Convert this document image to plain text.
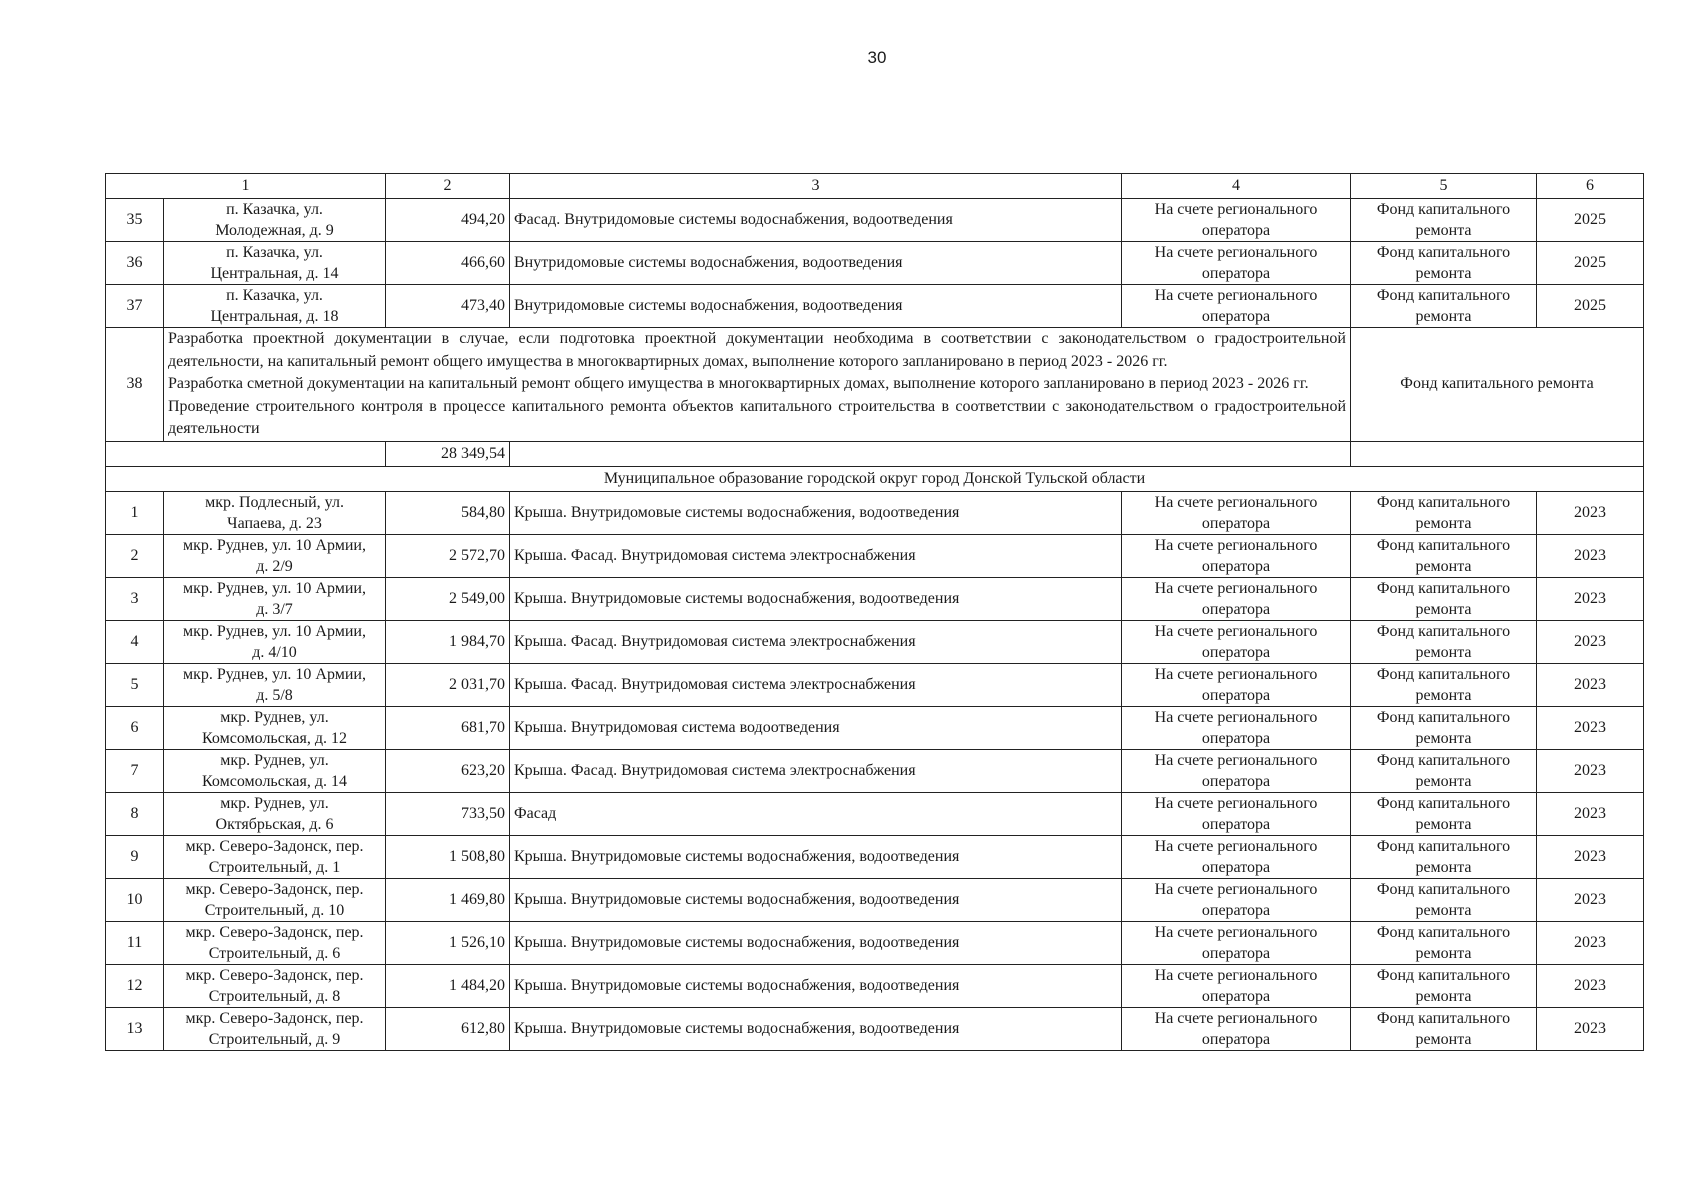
30
1		2	3	4	5	6
35	п. Казачка, ул.
Молодежная, д. 9	494,20	Фасад. Внутридомовые системы водоснабжения, водоотведения	На счете регионального
оператора	Фонд капитального
ремонта	2025
36	п. Казачка, ул.
Центральная, д. 14	466,60	Внутридомовые системы водоснабжения, водоотведения	На счете регионального
оператора	Фонд капитального
ремонта	2025
37	п. Казачка, ул.
Центральная, д. 18	473,40	Внутридомовые системы водоснабжения, водоотведения	На счете регионального
оператора	Фонд капитального
ремонта	2025
38	Разработка проектной документации в случае, если подготовка проектной документации необходима в соответствии с законодательством о градостроительной деятельности, на капитальный ремонт общего имущества в многоквартирных домах, выполнение которого запланировано в период 2023 - 2026 гг.

Разработка сметной документации на капитальный ремонт общего имущества в многоквартирных домах, выполнение которого запланировано в период 2023 - 2026 гг.

Проведение строительного контроля в процессе капитального ремонта объектов капитального строительства в соответствии с законодательством о градостроительной деятельности				Фонд капитального ремонта	
		28 349,54				
Муниципальное образование городской округ город Донской Тульской области						
1	мкр. Подлесный, ул.
Чапаева, д. 23	584,80	Крыша. Внутридомовые системы водоснабжения, водоотведения	На счете регионального
оператора	Фонд капитального
ремонта	2023
2	мкр. Руднев, ул. 10 Армии,
д. 2/9	2 572,70	Крыша. Фасад. Внутридомовая система электроснабжения	На счете регионального
оператора	Фонд капитального
ремонта	2023
3	мкр. Руднев, ул. 10 Армии,
д. 3/7	2 549,00	Крыша. Внутридомовые системы водоснабжения, водоотведения	На счете регионального
оператора	Фонд капитального
ремонта	2023
4	мкр. Руднев, ул. 10 Армии,
д. 4/10	1 984,70	Крыша. Фасад. Внутридомовая система электроснабжения	На счете регионального
оператора	Фонд капитального
ремонта	2023
5	мкр. Руднев, ул. 10 Армии,
д. 5/8	2 031,70	Крыша. Фасад. Внутридомовая система электроснабжения	На счете регионального
оператора	Фонд капитального
ремонта	2023
6	мкр. Руднев, ул.
Комсомольская, д. 12	681,70	Крыша. Внутридомовая система водоотведения	На счете регионального
оператора	Фонд капитального
ремонта	2023
7	мкр. Руднев, ул.
Комсомольская, д. 14	623,20	Крыша. Фасад. Внутридомовая система электроснабжения	На счете регионального
оператора	Фонд капитального
ремонта	2023
8	мкр. Руднев, ул.
Октябрьская, д. 6	733,50	Фасад	На счете регионального
оператора	Фонд капитального
ремонта	2023
9	мкр. Северо-Задонск, пер.
Строительный, д. 1	1 508,80	Крыша. Внутридомовые системы водоснабжения, водоотведения	На счете регионального
оператора	Фонд капитального
ремонта	2023
10	мкр. Северо-Задонск, пер.
Строительный, д. 10	1 469,80	Крыша. Внутридомовые системы водоснабжения, водоотведения	На счете регионального
оператора	Фонд капитального
ремонта	2023
11	мкр. Северо-Задонск, пер.
Строительный, д. 6	1 526,10	Крыша. Внутридомовые системы водоснабжения, водоотведения	На счете регионального
оператора	Фонд капитального
ремонта	2023
12	мкр. Северо-Задонск, пер.
Строительный, д. 8	1 484,20	Крыша. Внутридомовые системы водоснабжения, водоотведения	На счете регионального
оператора	Фонд капитального
ремонта	2023
13	мкр. Северо-Задонск, пер.
Строительный, д. 9	612,80	Крыша. Внутридомовые системы водоснабжения, водоотведения	На счете регионального
оператора	Фонд капитального
ремонта	2023
